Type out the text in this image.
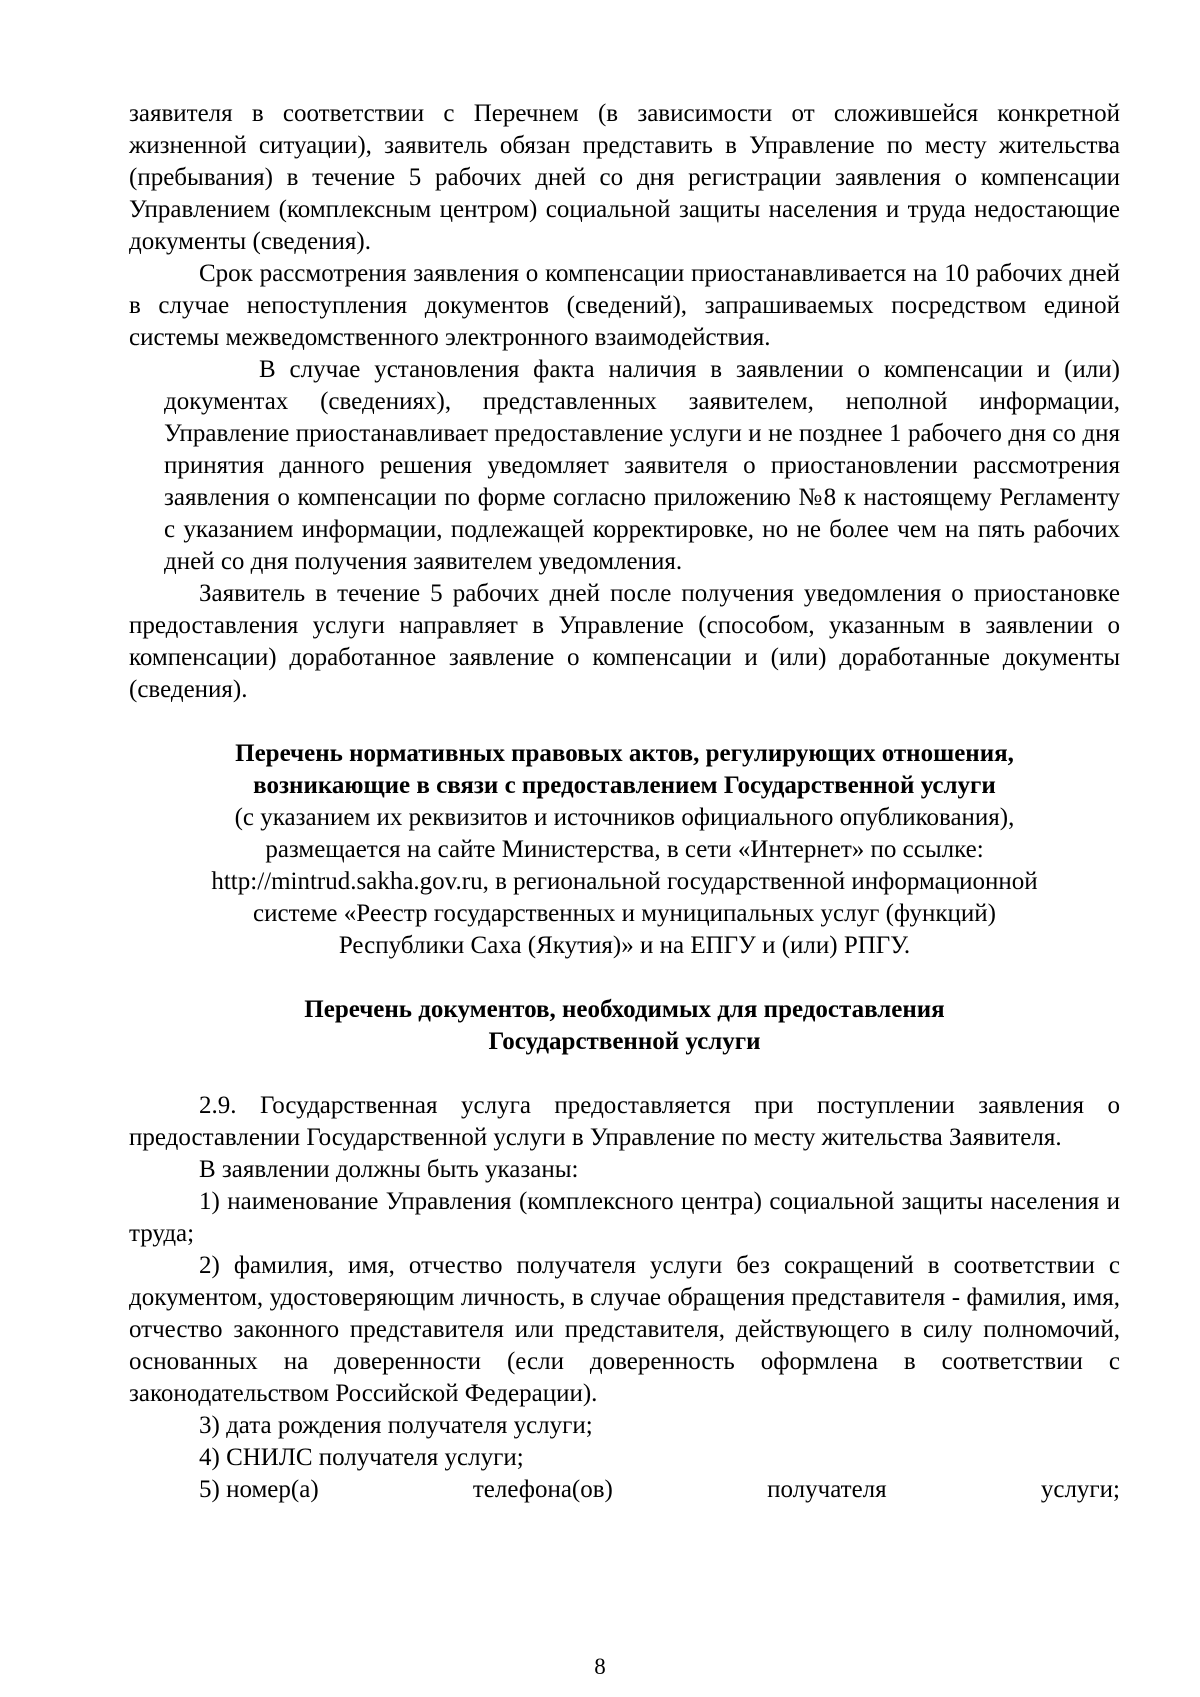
заявителя в соответствии с Перечнем (в зависимости от сложившейся конкретной жизненной ситуации), заявитель обязан представить в Управление по месту жительства (пребывания) в течение 5 рабочих дней со дня регистрации заявления о компенсации Управлением (комплексным центром) социальной защиты населения и труда недостающие документы (сведения).

Срок рассмотрения заявления о компенсации приостанавливается на 10 рабочих дней в случае непоступления документов (сведений), запрашиваемых посредством единой системы межведомственного электронного взаимодействия.

В случае установления факта наличия в заявлении о компенсации и (или) документах (сведениях), представленных заявителем, неполной информации, Управление приостанавливает предоставление услуги и не позднее 1 рабочего дня со дня принятия данного решения уведомляет заявителя о приостановлении рассмотрения заявления о компенсации по форме согласно приложению №8 к настоящему Регламенту с указанием информации, подлежащей корректировке, но не более чем на пять рабочих дней со дня получения заявителем уведомления.

Заявитель в течение 5 рабочих дней после получения уведомления о приостановке предоставления услуги направляет в Управление (способом, указанным в заявлении о компенсации) доработанное заявление о компенсации и (или) доработанные документы (сведения).

Перечень нормативных правовых актов, регулирующих отношения,

возникающие в связи с предоставлением Государственной услуги

(с указанием их реквизитов и источников официального опубликования),

размещается на сайте Министерства, в сети «Интернет» по ссылке:

http://mintrud.sakha.gov.ru, в региональной государственной информационной

системе «Реестр государственных и муниципальных услуг (функций)

Республики Саха (Якутия)» и на ЕПГУ и (или) РПГУ.

Перечень документов, необходимых для предоставления

Государственной услуги

2.9. Государственная услуга предоставляется при поступлении заявления о предоставлении Государственной услуги в Управление по месту жительства Заявителя.

В заявлении должны быть указаны:

1) наименование Управления (комплексного центра) социальной защиты населения и труда;

2) фамилия, имя, отчество получателя услуги без сокращений в соответствии с документом, удостоверяющим личность, в случае обращения представителя - фамилия, имя, отчество законного представителя или представителя, действующего в силу полномочий, основанных на доверенности (если доверенность оформлена в соответствии с законодательством Российской Федерации).

3) дата рождения получателя услуги;

4) СНИЛС получателя услуги;

5) номер(а)	телефона(ов)	получателя	услуги;
8
